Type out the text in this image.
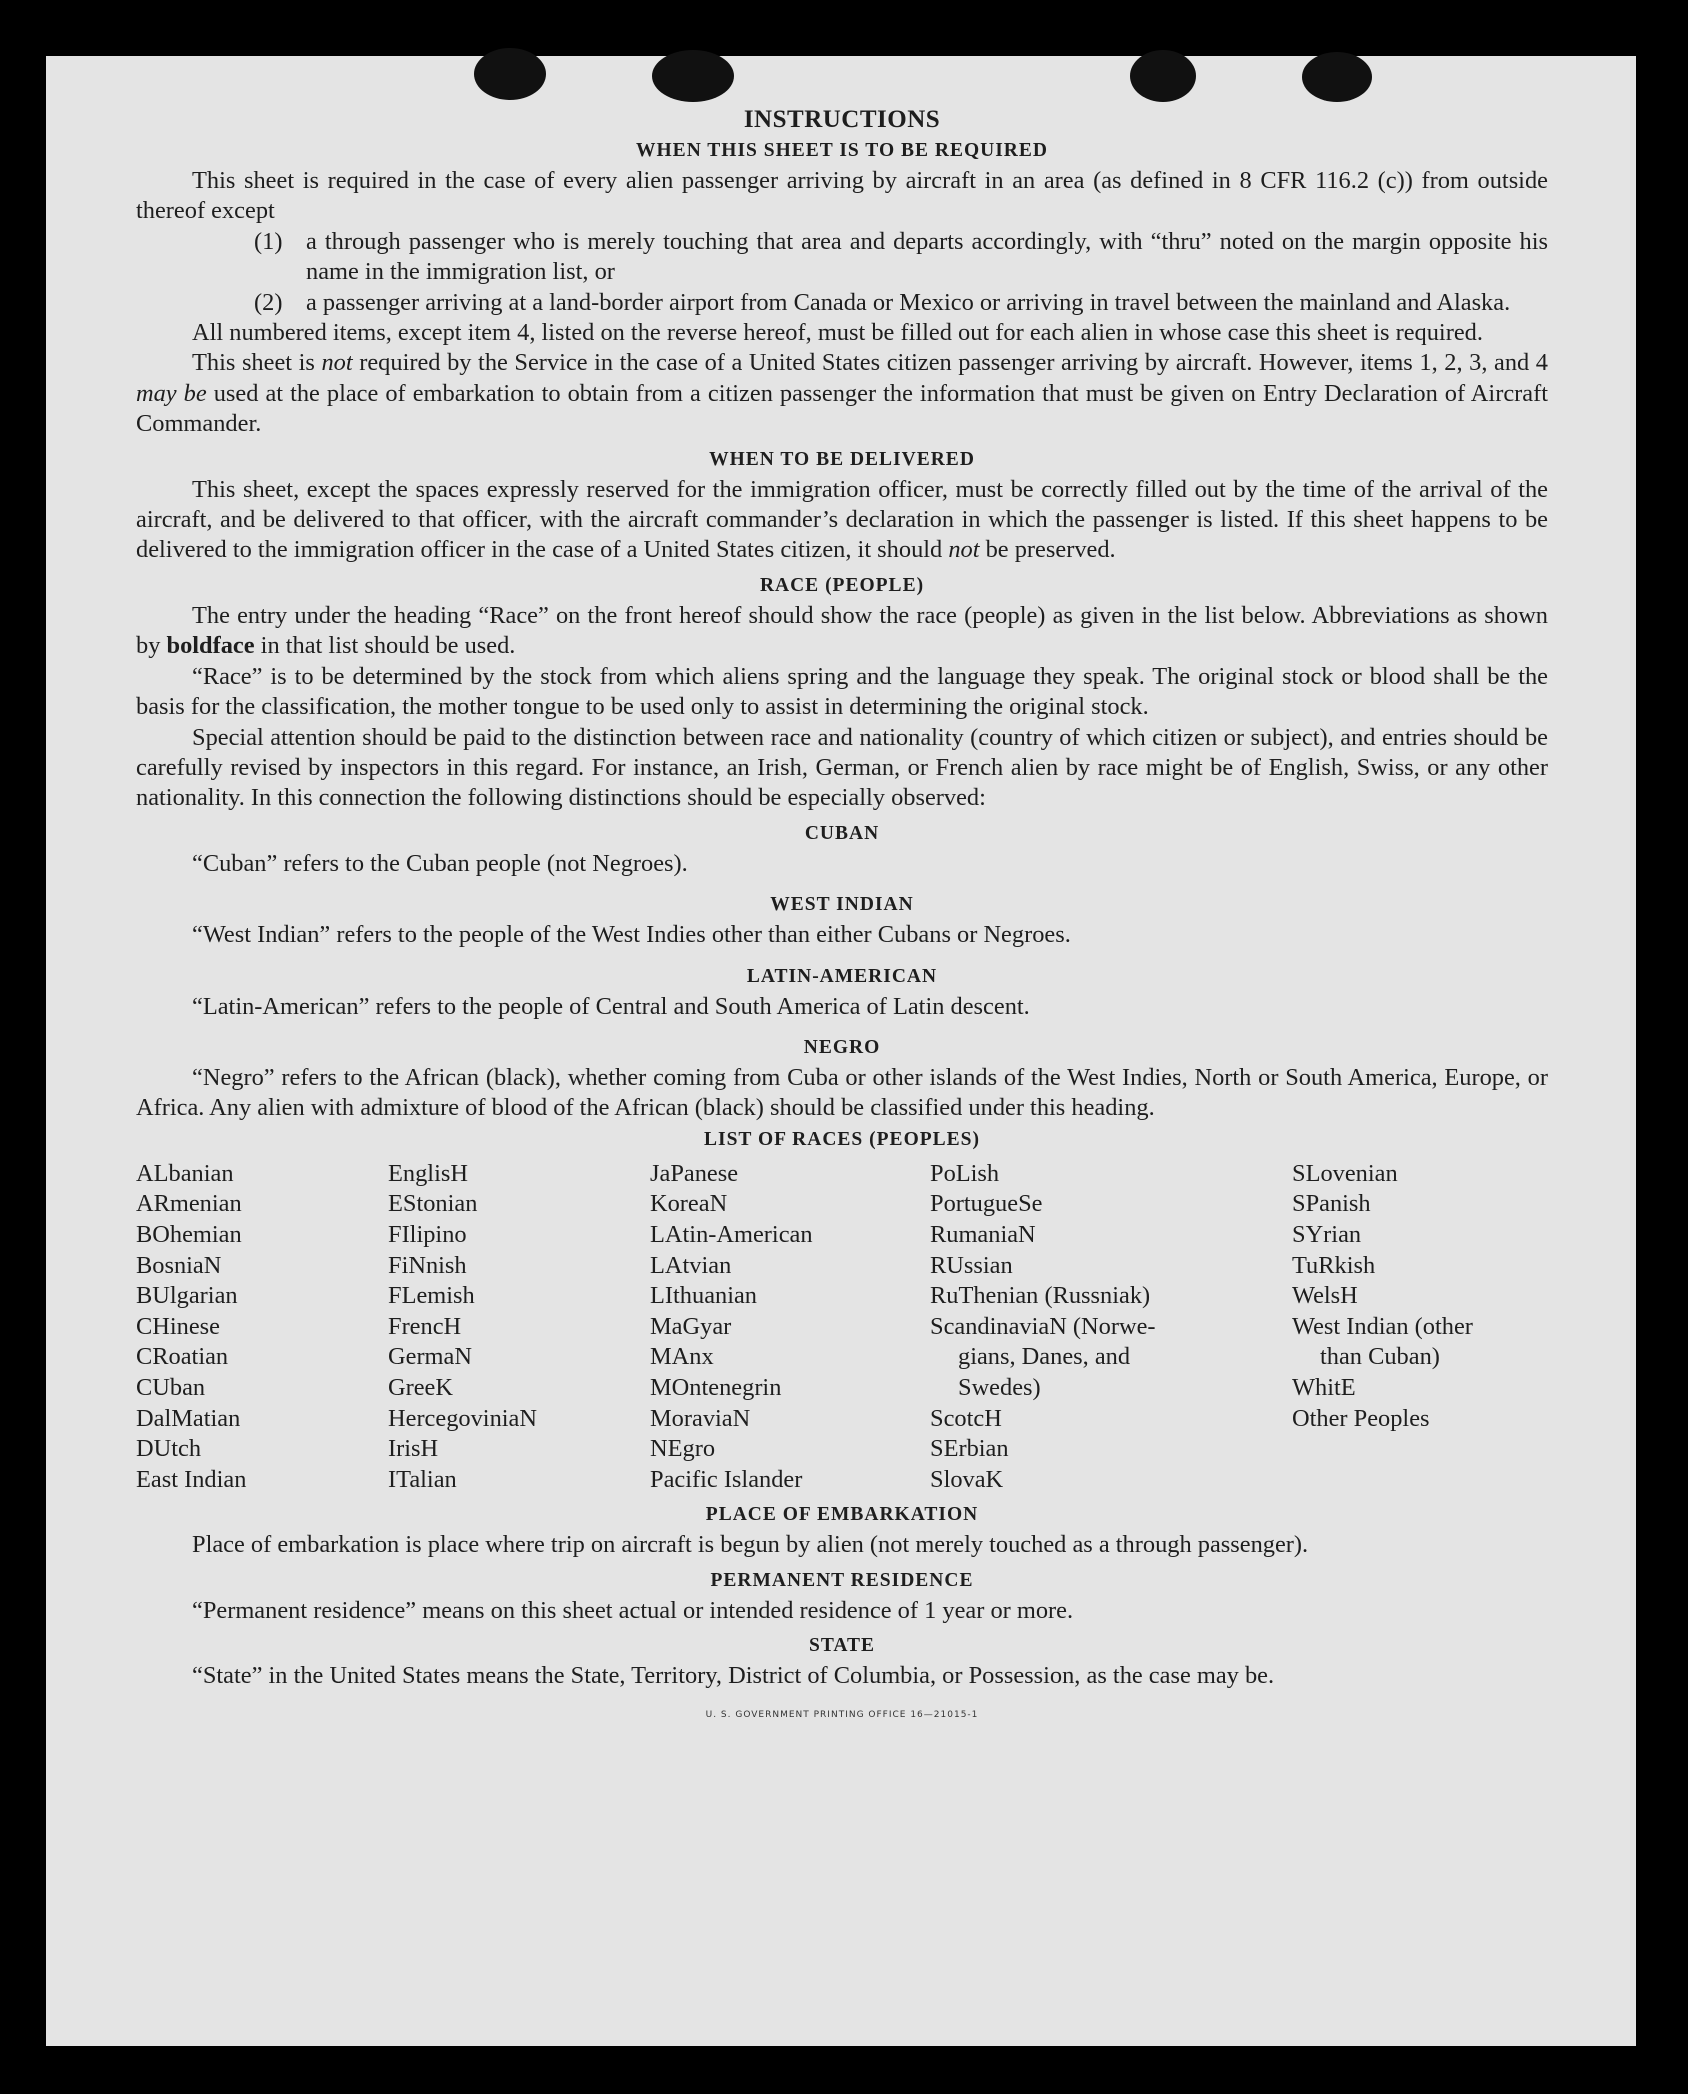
INSTRUCTIONS
WHEN THIS SHEET IS TO BE REQUIRED

This sheet is required in the case of every alien passenger arriving by aircraft in an area (as defined in 8 CFR 116.2 (c)) from outside thereof except

(1) a through passenger who is merely touching that area and departs accordingly, with “thru” noted on the margin opposite his name in the immigration list, or
(2) a passenger arriving at a land-border airport from Canada or Mexico or arriving in travel between the mainland and Alaska.

All numbered items, except item 4, listed on the reverse hereof, must be filled out for each alien in whose case this sheet is required.

This sheet is not required by the Service in the case of a United States citizen passenger arriving by aircraft. However, items 1, 2, 3, and 4 may be used at the place of embarkation to obtain from a citizen passenger the information that must be given on Entry Declaration of Aircraft Commander.

WHEN TO BE DELIVERED

This sheet, except the spaces expressly reserved for the immigration officer, must be correctly filled out by the time of the arrival of the aircraft, and be delivered to that officer, with the aircraft commander’s declaration in which the passenger is listed. If this sheet happens to be delivered to the immigration officer in the case of a United States citizen, it should not be preserved.

RACE (PEOPLE)

The entry under the heading “Race” on the front hereof should show the race (people) as given in the list below. Abbreviations as shown by boldface in that list should be used.

“Race” is to be determined by the stock from which aliens spring and the language they speak. The original stock or blood shall be the basis for the classification, the mother tongue to be used only to assist in determining the original stock.

Special attention should be paid to the distinction between race and nationality (country of which citizen or subject), and entries should be carefully revised by inspectors in this regard. For instance, an Irish, German, or French alien by race might be of English, Swiss, or any other nationality. In this connection the following distinctions should be especially observed:

CUBAN

“Cuban” refers to the Cuban people (not Negroes).

WEST INDIAN

“West Indian” refers to the people of the West Indies other than either Cubans or Negroes.

LATIN-AMERICAN

“Latin-American” refers to the people of Central and South America of Latin descent.

NEGRO

“Negro” refers to the African (black), whether coming from Cuba or other islands of the West Indies, North or South America, Europe, or Africa. Any alien with admixture of blood of the African (black) should be classified under this heading.

LIST OF RACES (PEOPLES)
ALbanian
ARmenian
BOhemian
BosniaN
BUlgarian
CHinese
CRoatian
CUban
DalMatian
DUtch
East Indian
EnglisH
EStonian
FIlipino
FiNnish
FLemish
FrencH
GermaN
GreeK
HercegoviniaN
IrisH
ITalian
JaPanese
KoreaN
LAtin-American
LAtvian
LIthuanian
MaGyar
MAnx
MOntenegrin
MoraviaN
NEgro
Pacific Islander
PoLish
PortugueSe
RumaniaN
RUssian
RuThenian (Russniak)
ScandinaviaN (Norwe-
gians, Danes, and
Swedes)
ScotcH
SErbian
SlovaK
SLovenian
SPanish
SYrian
TuRkish
WelsH
West Indian (other
than Cuban)
WhitE
Other Peoples
PLACE OF EMBARKATION

Place of embarkation is place where trip on aircraft is begun by alien (not merely touched as a through passenger).

PERMANENT RESIDENCE

“Permanent residence” means on this sheet actual or intended residence of 1 year or more.

STATE

“State” in the United States means the State, Territory, District of Columbia, or Possession, as the case may be.

U. S. GOVERNMENT PRINTING OFFICE 16—21015-1
